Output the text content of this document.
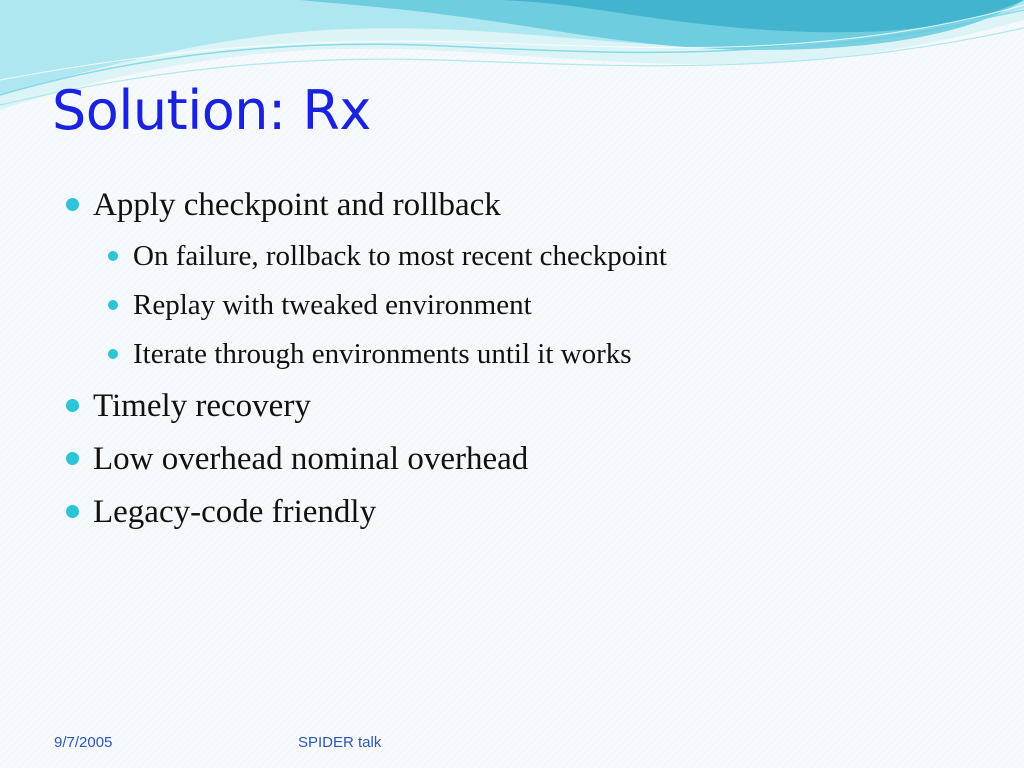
Solution: Rx
Apply checkpoint and rollback
On failure, rollback to most recent checkpoint
Replay with tweaked environment
Iterate through environments until it works
Timely recovery
Low overhead nominal overhead
Legacy-code friendly
9/7/2005	SPIDER talk
